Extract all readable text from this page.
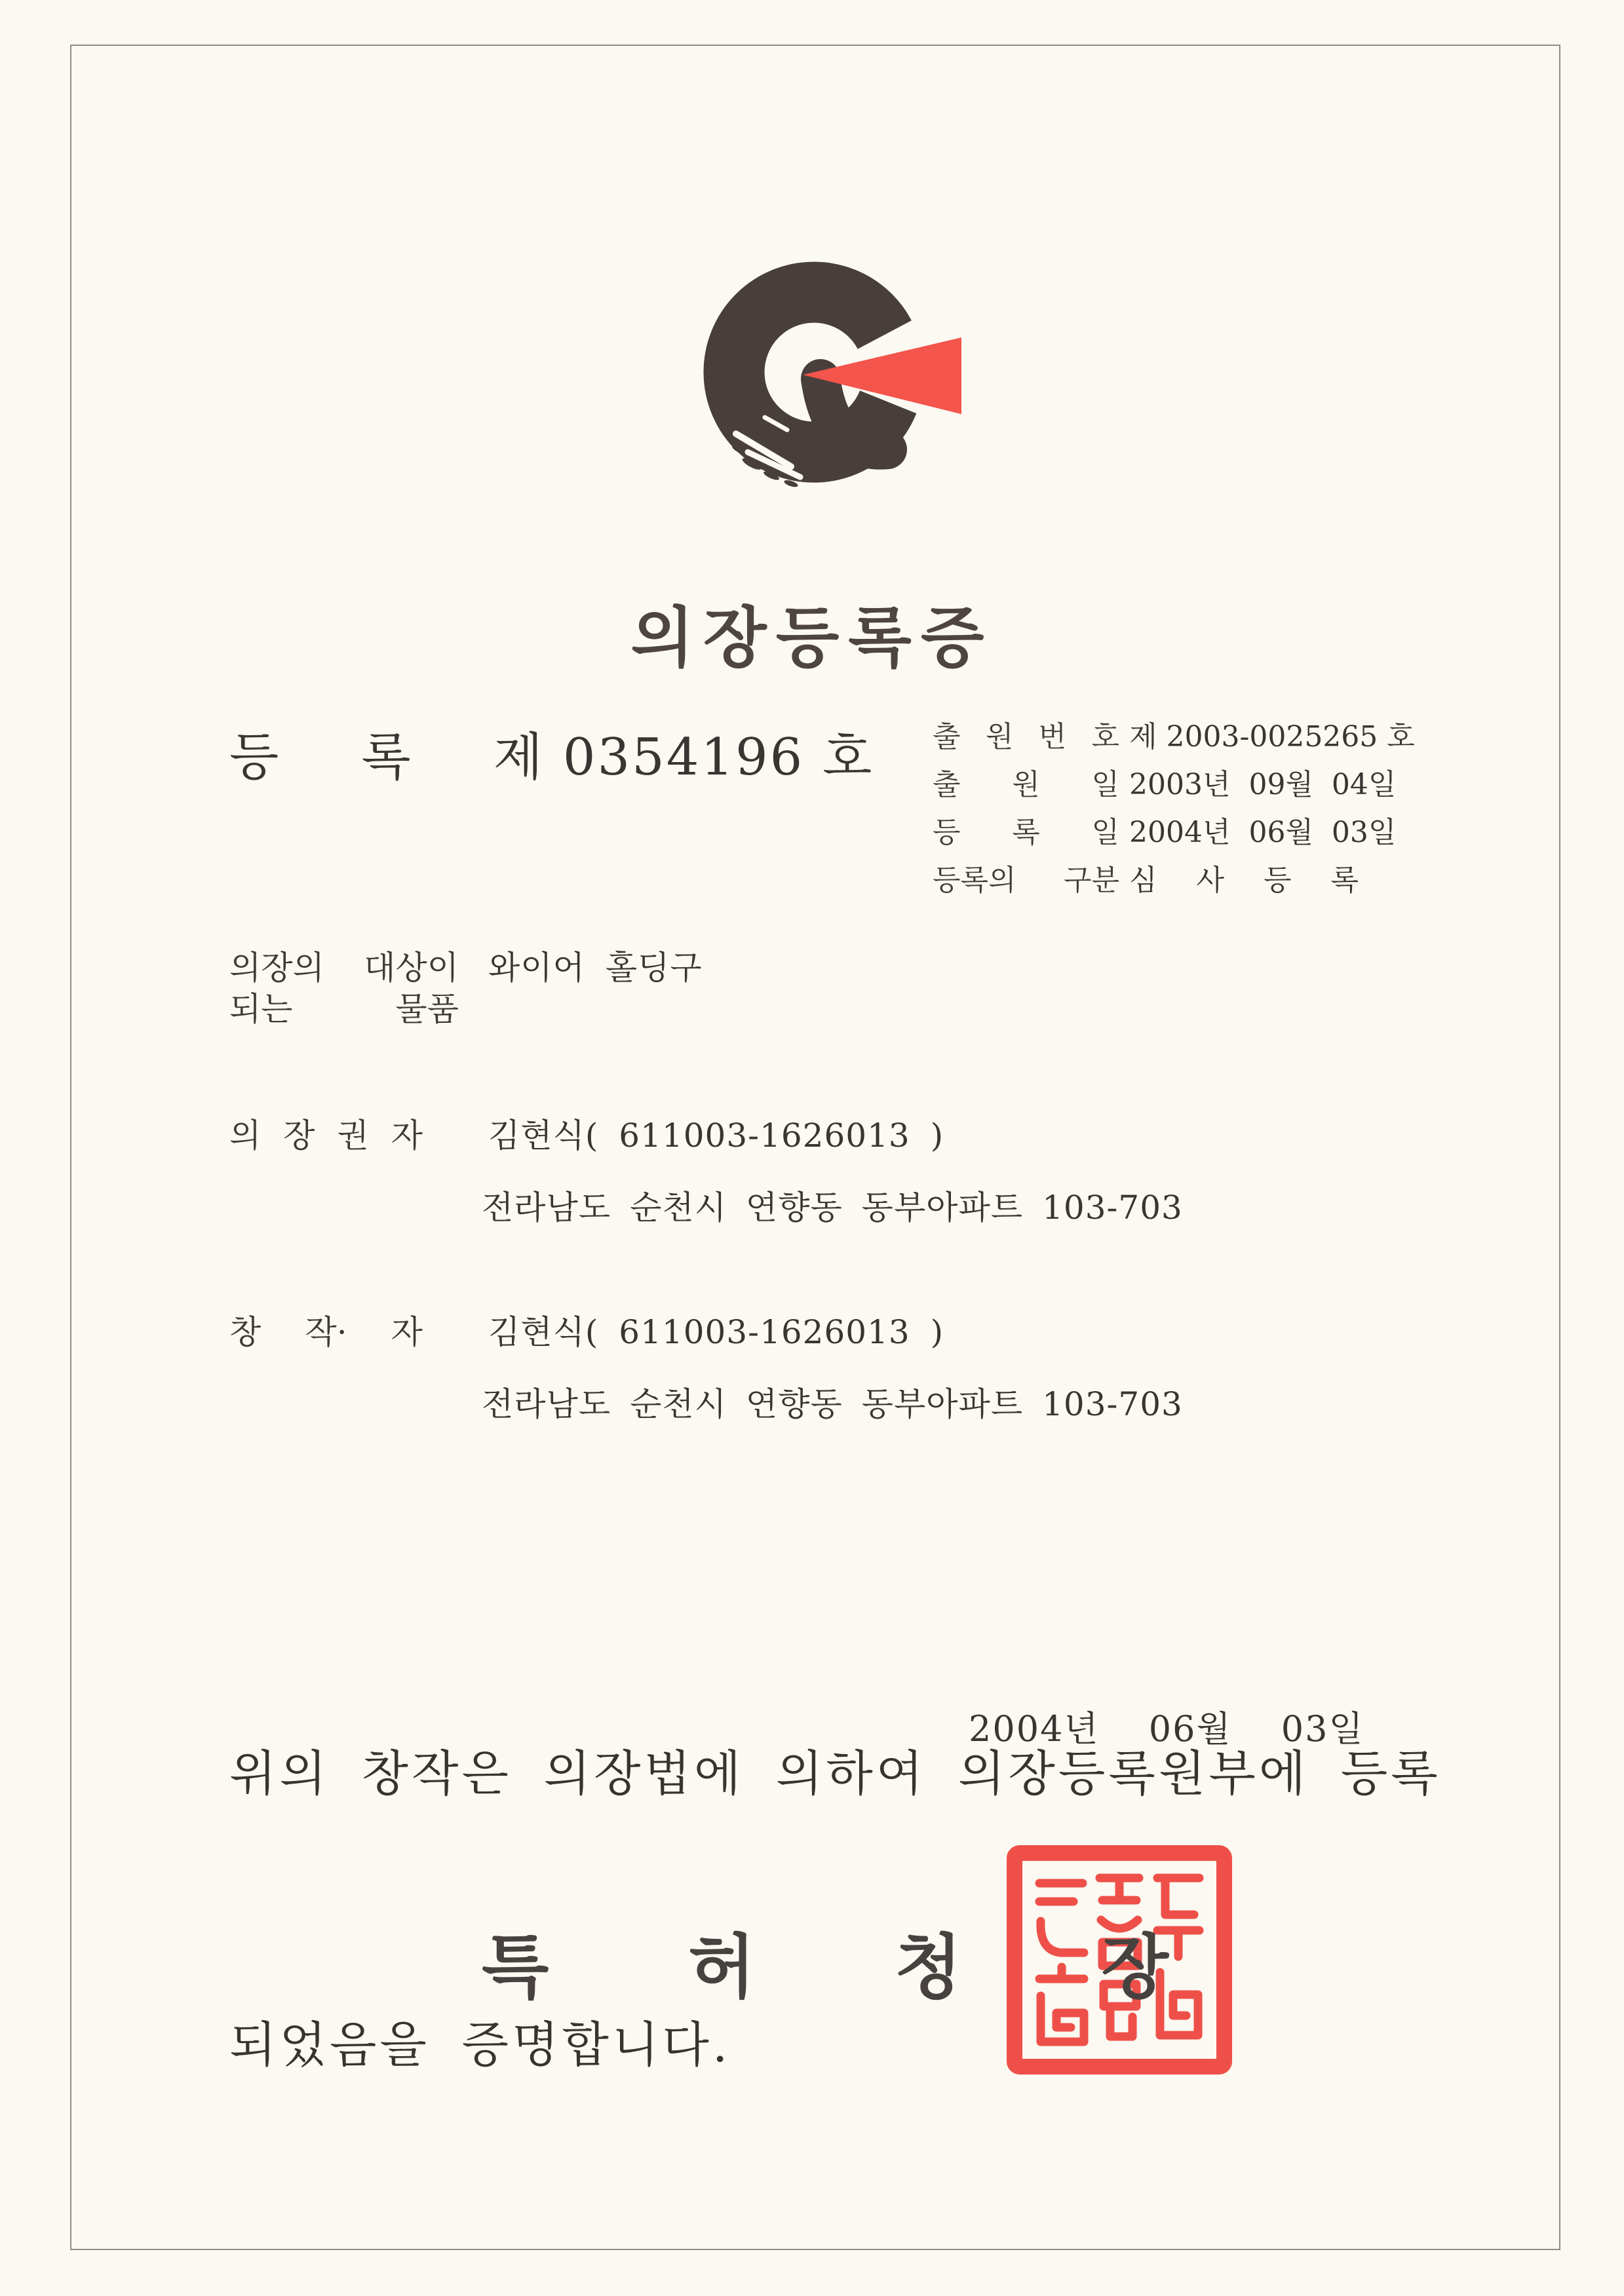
의장등록증
등  록  제 0354196 호 출 원 번 호 제 2003-0025265 호
출 원 일 2003년  09월  04일
등 록 일 2004년  06월  03일
등록의 구분 심 사 등 록
의장의 대상이
되는 물품
와이어 홀딩구
의 장 권 자 김현식( 611003-1626013 )
전라남도 순천시 연향동 동부아파트 103-703
창 작· 자 김현식( 611003-1626013 )
전라남도 순천시 연향동 동부아파트 103-703

위의 창작은 의장법에 의하여 의장등록원부에 등록

되었음을 증명합니다.

2004년  06월  03일
특 허 청 장
